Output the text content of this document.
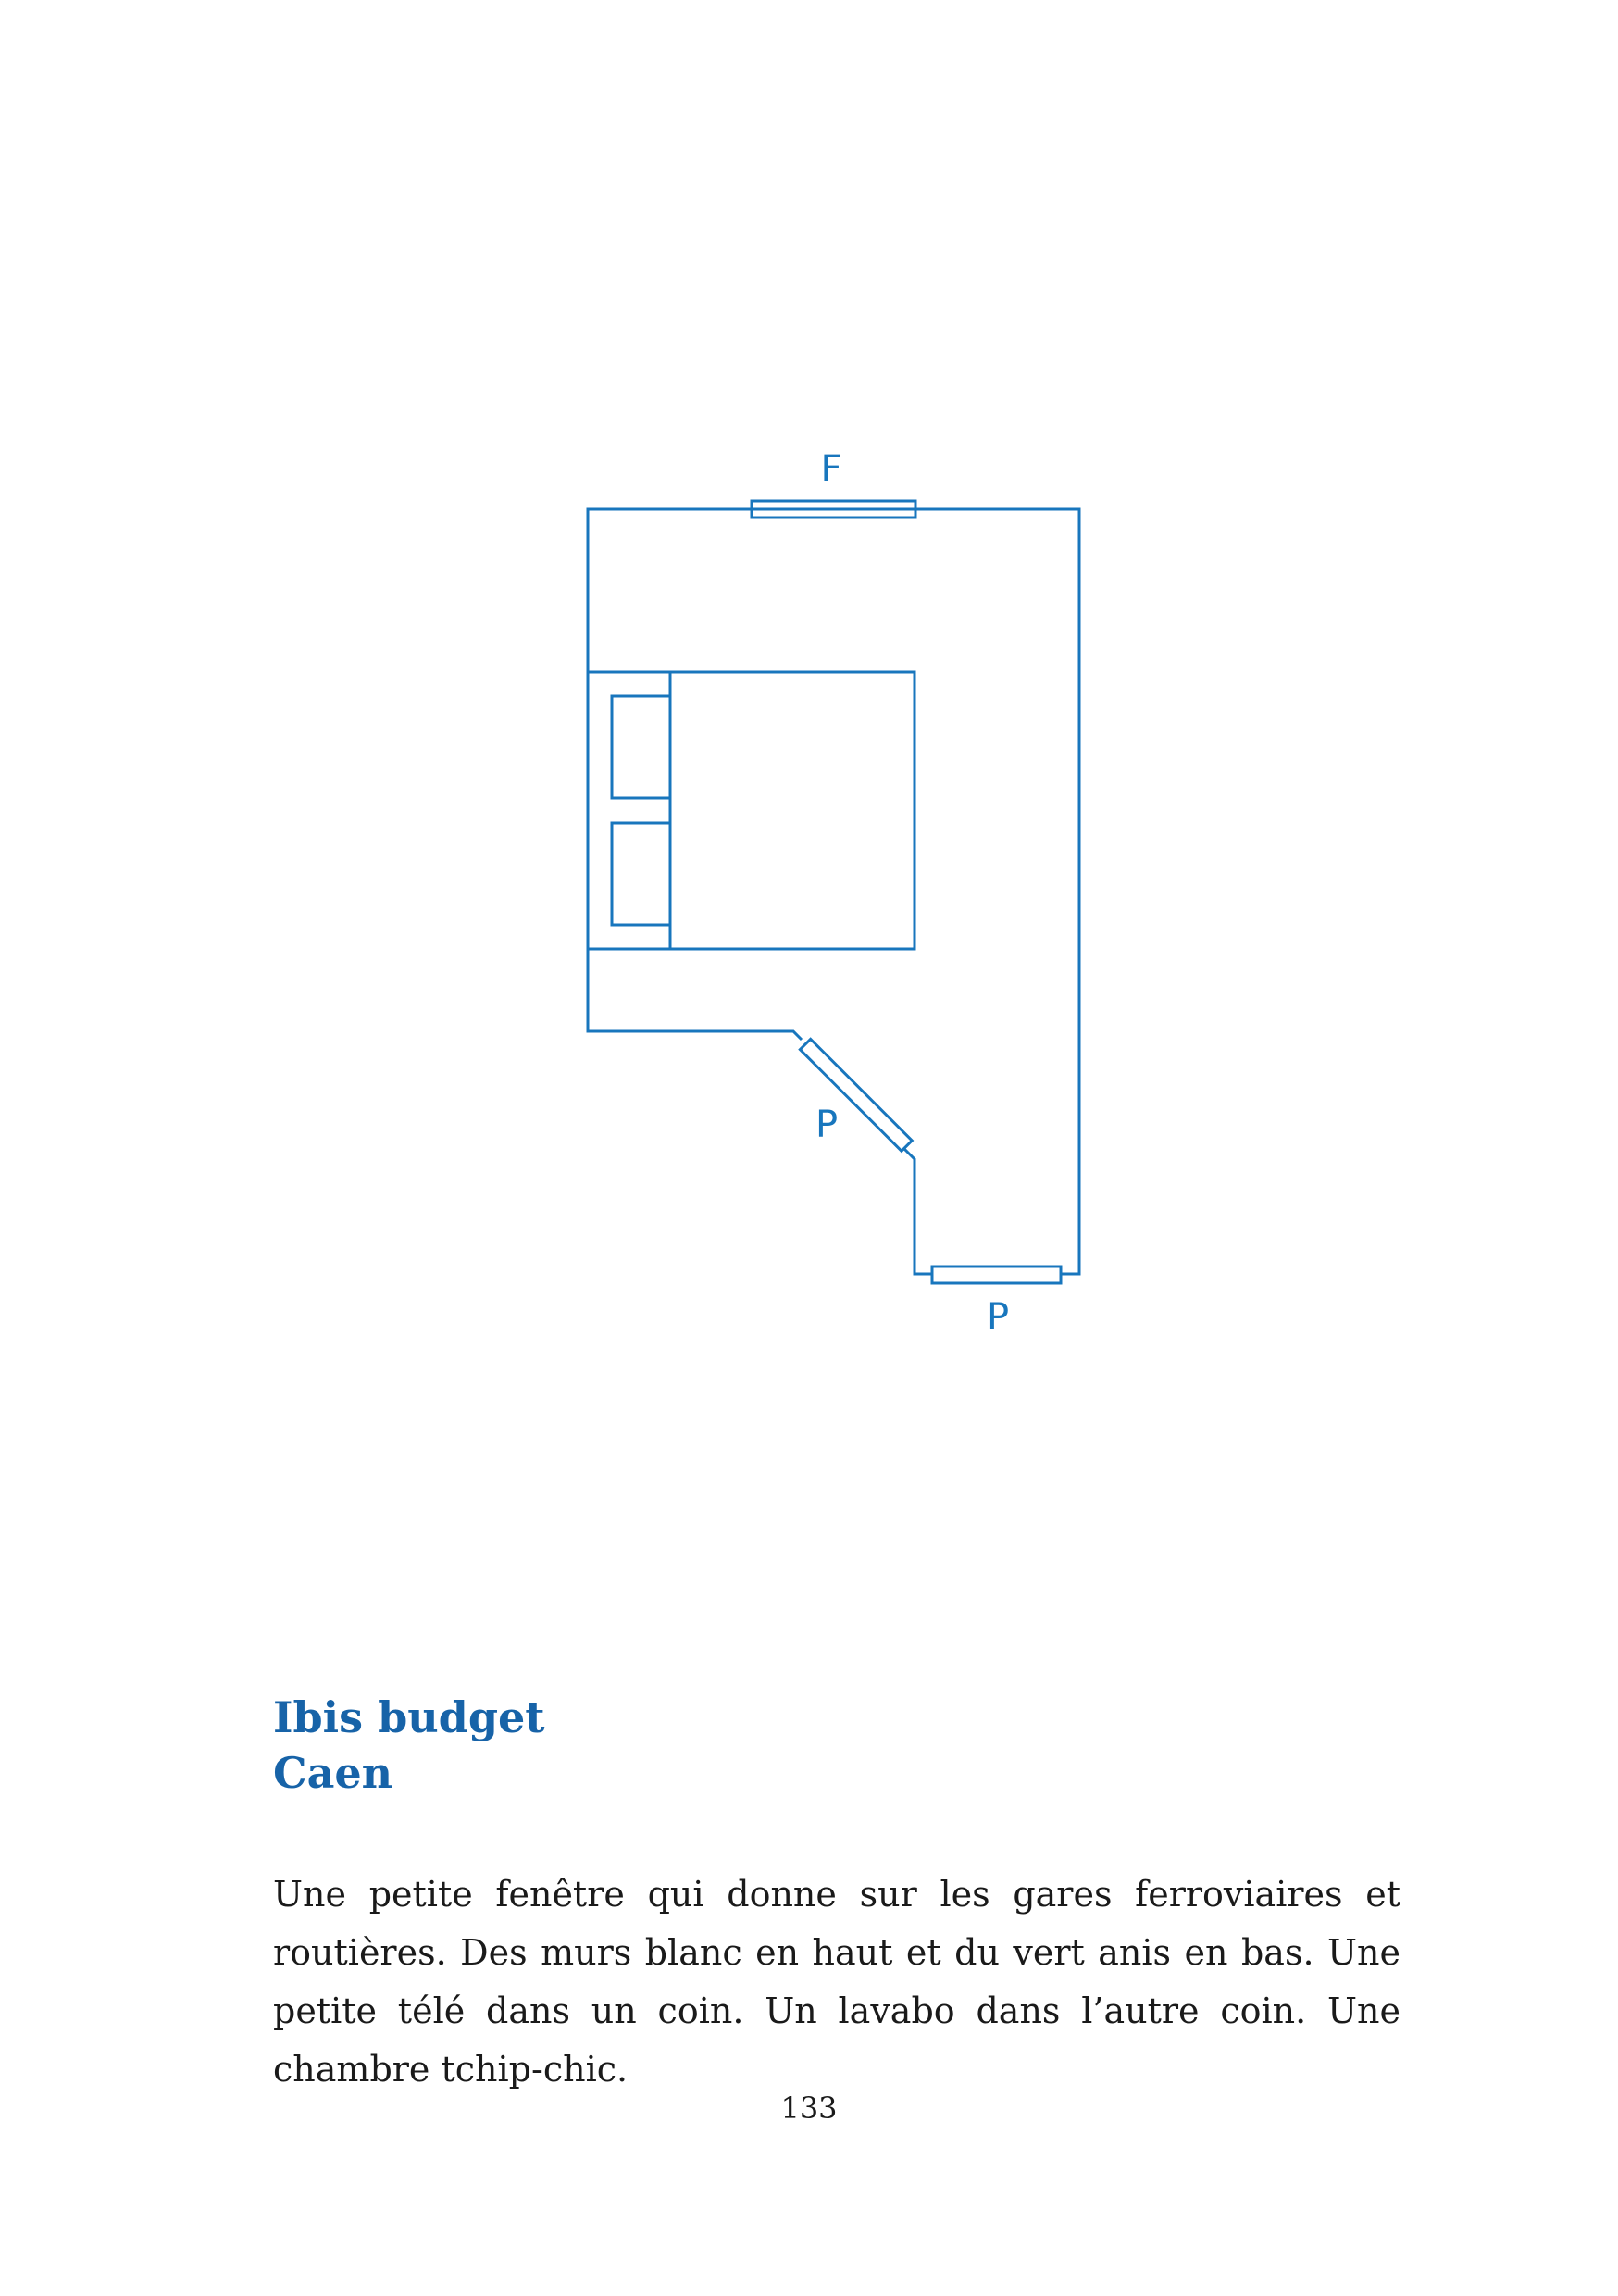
F
P
P
Ibis budget
Caen

Une petite fenêtre qui donne sur les gares ferroviaires et routières. Des murs blanc en haut et du vert anis en bas. Une petite télé dans un coin. Un lavabo dans l’autre coin. Une chambre tchip-chic.

133
